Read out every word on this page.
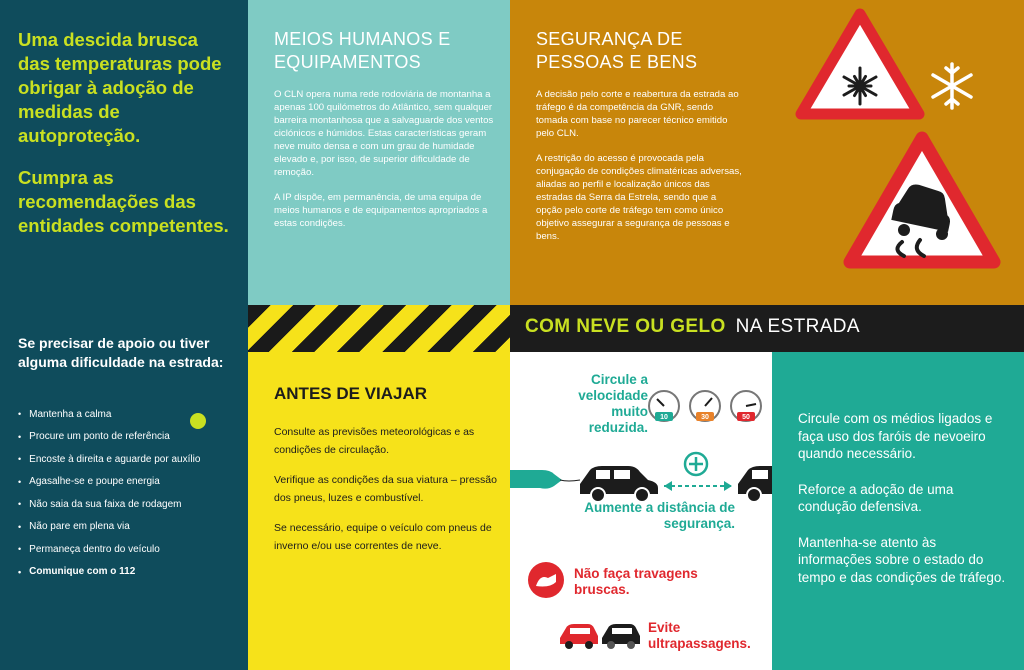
Uma descida brusca das temperaturas pode obrigar à adoção de medidas de autoproteção.

Cumpra as recomendações das entidades competentes.

Se precisar de apoio ou tiver alguma dificuldade na estrada:
• Mantenha a calma
• Procure um ponto de referência
• Encoste à direita e aguarde por auxílio
• Agasalhe-se e poupe energia
• Não saia da sua faixa de rodagem
• Não pare em plena via
• Permaneça dentro do veículo
• Comunique com o 112
MEIOS HUMANOS E EQUIPAMENTOS

O CLN opera numa rede rodoviária de montanha a apenas 100 quilómetros do Atlântico, sem qualquer barreira montanhosa que a salvaguarde dos ventos ciclónicos e húmidos. Estas características geram neve muito densa e com um grau de humidade elevado e, por isso, de superior dificuldade de remoção.

A IP dispõe, em permanência, de uma equipa de meios humanos e de equipamentos apropriados a estas condições.

SEGURANÇA DE PESSOAS E BENS

A decisão pelo corte e reabertura da estrada ao tráfego é da competência da GNR, sendo tomada com base no parecer técnico emitido pelo CLN.

A restrição do acesso é provocada pela conjugação de condições climatéricas adversas, aliadas ao perfil e localização únicos das estradas da Serra da Estrela, sendo que a opção pelo corte de tráfego tem como único objetivo assegurar a segurança de pessoas e bens.

COM NEVE OU GELO NA ESTRADA
ANTES DE VIAJAR

Consulte as previsões meteorológicas e as condições de circulação.

Verifique as condições da sua viatura – pressão dos pneus, luzes e combustível.

Se necessário, equipe o veículo com pneus de inverno e/ou use correntes de neve.

Circule a velocidade muito reduzida.
10	30	50
Aumente a distância de segurança.
Não faça travagens bruscas.
Evite ultrapassagens.

Circule com os médios ligados e faça uso dos faróis de nevoeiro quando necessário.

Reforce a adoção de uma condução defensiva.

Mantenha-se atento às informações sobre o estado do tempo e das condições de tráfego.
